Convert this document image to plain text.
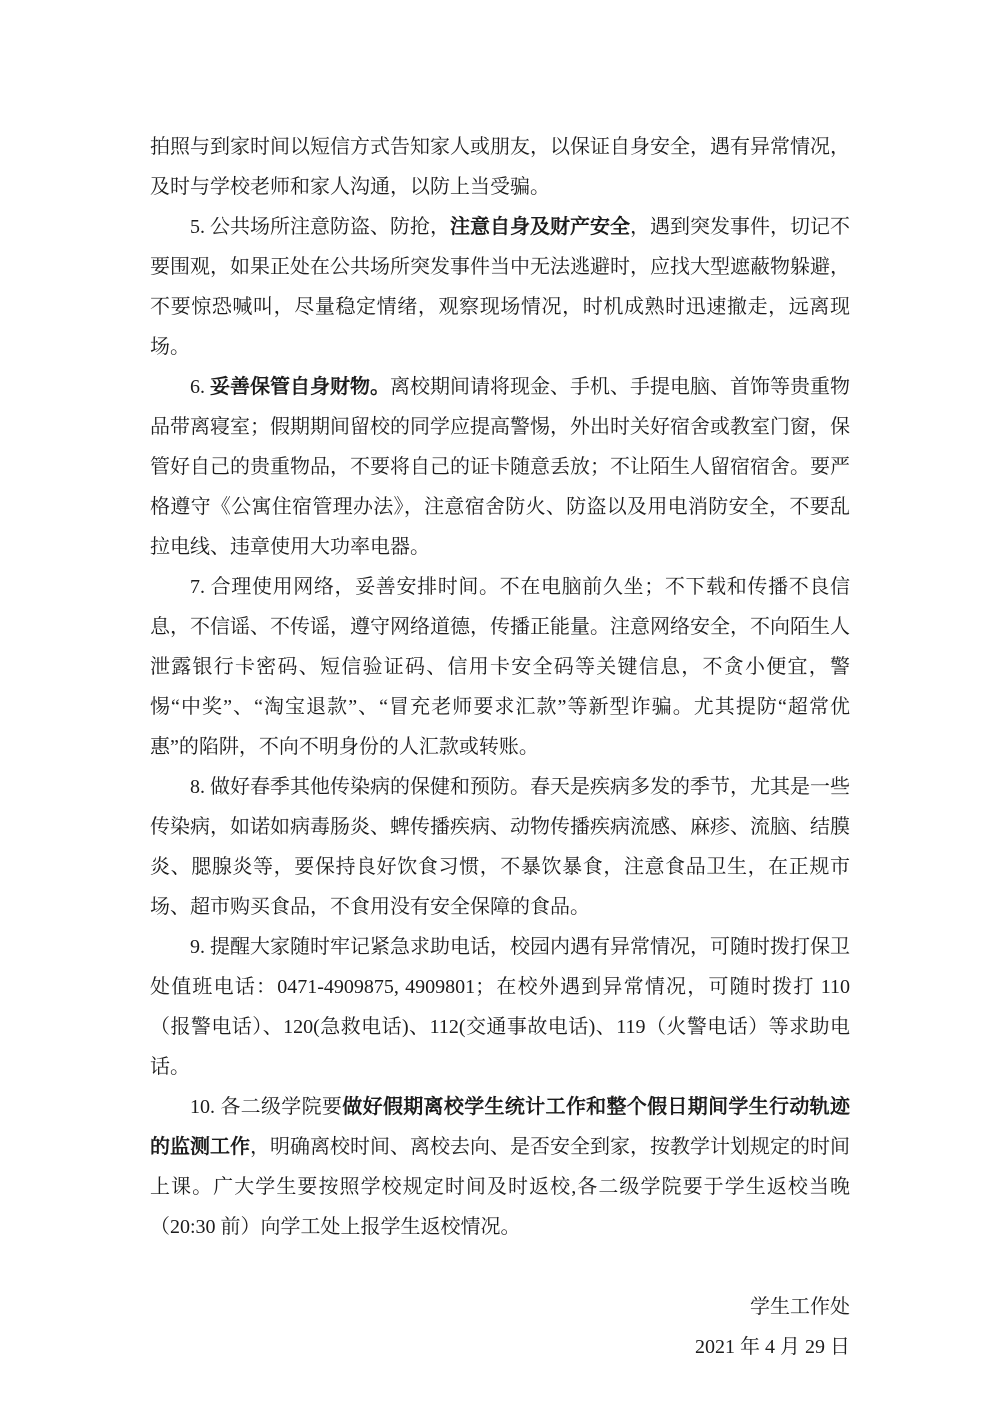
拍照与到家时间以短信方式告知家人或朋友，以保证自身安全，遇有异常情况，及时与学校老师和家人沟通，以防上当受骗。

5. 公共场所注意防盗、防抢，注意自身及财产安全，遇到突发事件，切记不要围观，如果正处在公共场所突发事件当中无法逃避时，应找大型遮蔽物躲避，不要惊恐喊叫，尽量稳定情绪，观察现场情况，时机成熟时迅速撤走，远离现场。

6. 妥善保管自身财物。离校期间请将现金、手机、手提电脑、首饰等贵重物品带离寝室；假期期间留校的同学应提高警惕，外出时关好宿舍或教室门窗，保管好自己的贵重物品，不要将自己的证卡随意丢放；不让陌生人留宿宿舍。要严格遵守《公寓住宿管理办法》，注意宿舍防火、防盗以及用电消防安全，不要乱拉电线、违章使用大功率电器。

7. 合理使用网络，妥善安排时间。不在电脑前久坐；不下载和传播不良信息，不信谣、不传谣，遵守网络道德，传播正能量。注意网络安全，不向陌生人泄露银行卡密码、短信验证码、信用卡安全码等关键信息，不贪小便宜，警惕“中奖”、“淘宝退款”、“冒充老师要求汇款”等新型诈骗。尤其提防“超常优惠”的陷阱，不向不明身份的人汇款或转账。

8. 做好春季其他传染病的保健和预防。春天是疾病多发的季节，尤其是一些传染病，如诺如病毒肠炎、蜱传播疾病、动物传播疾病流感、麻疹、流脑、结膜炎、腮腺炎等，要保持良好饮食习惯，不暴饮暴食，注意食品卫生，在正规市场、超市购买食品，不食用没有安全保障的食品。

9. 提醒大家随时牢记紧急求助电话，校园内遇有异常情况，可随时拨打保卫处值班电话：0471-4909875, 4909801；在校外遇到异常情况，可随时拨打 110（报警电话）、120(急救电话)、112(交通事故电话)、119（火警电话）等求助电话。

10. 各二级学院要做好假期离校学生统计工作和整个假日期间学生行动轨迹的监测工作，明确离校时间、离校去向、是否安全到家，按教学计划规定的时间上课。广大学生要按照学校规定时间及时返校,各二级学院要于学生返校当晚（20:30 前）向学工处上报学生返校情况。

学生工作处

2021 年 4 月 29 日
